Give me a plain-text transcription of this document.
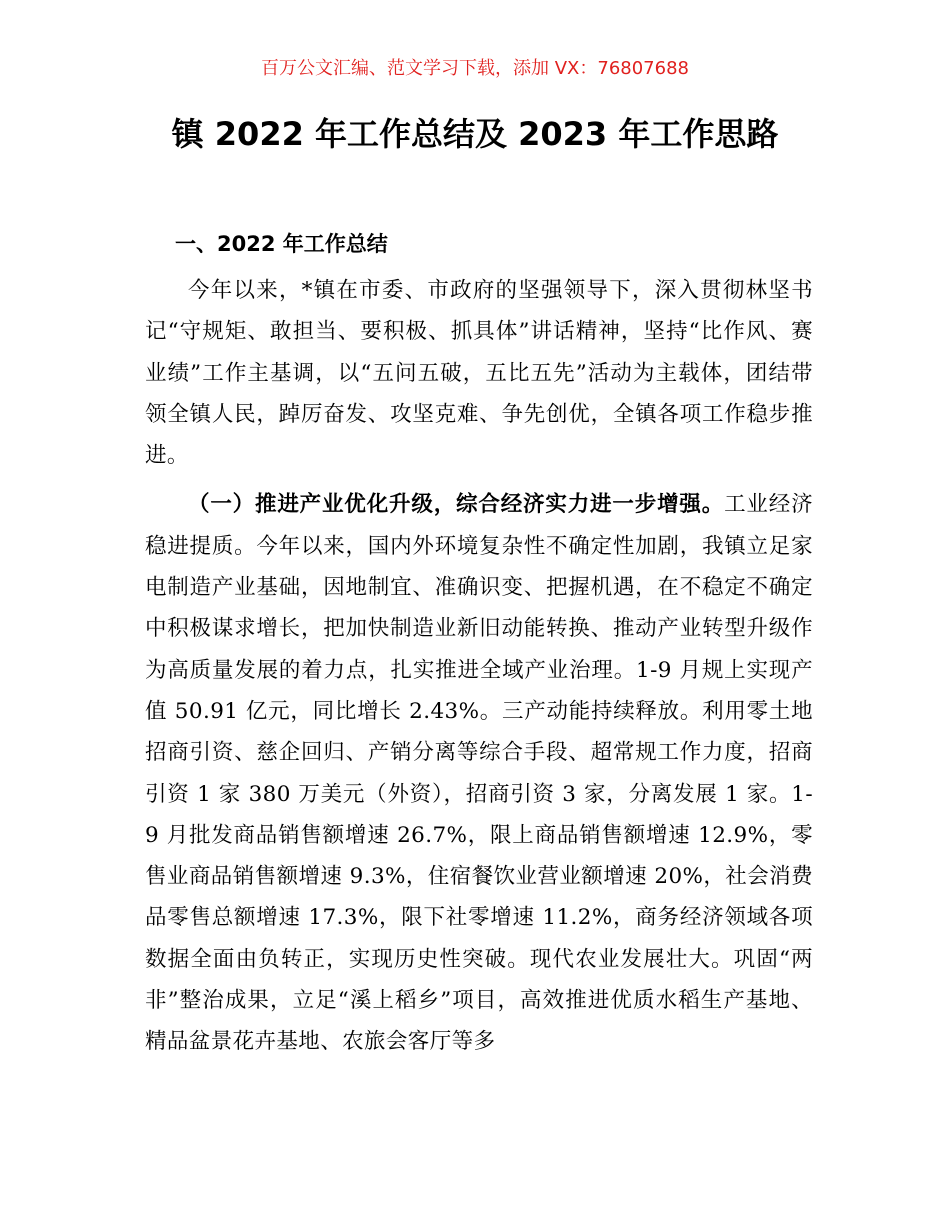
百万公文汇编、范文学习下载，添加 VX：76807688
镇 2022 年工作总结及 2023 年工作思路
一、2022 年工作总结

今年以来，*镇在市委、市政府的坚强领导下，深入贯彻林坚书记“守规矩、敢担当、要积极、抓具体”讲话精神，坚持“比作风、赛业绩”工作主基调，以“五问五破，五比五先”活动为主载体，团结带领全镇人民，踔厉奋发、攻坚克难、争先创优，全镇各项工作稳步推进。

（一）推进产业优化升级，综合经济实力进一步增强。工业经济稳进提质。今年以来，国内外环境复杂性不确定性加剧，我镇立足家电制造产业基础，因地制宜、准确识变、把握机遇，在不稳定不确定中积极谋求增长，把加快制造业新旧动能转换、推动产业转型升级作为高质量发展的着力点，扎实推进全域产业治理。1-9 月规上实现产值 50.91 亿元，同比增长 2.43%。三产动能持续释放。利用零土地招商引资、慈企回归、产销分离等综合手段、超常规工作力度，招商引资 1 家 380 万美元（外资），招商引资 3 家，分离发展 1 家。1-9 月批发商品销售额增速 26.7%，限上商品销售额增速 12.9%，零售业商品销售额增速 9.3%，住宿餐饮业营业额增速 20%，社会消费品零售总额增速 17.3%，限下社零增速 11.2%，商务经济领域各项数据全面由负转正，实现历史性突破。现代农业发展壮大。巩固“两非”整治成果，立足“溪上稻乡”项目，高效推进优质水稻生产基地、精品盆景花卉基地、农旅会客厅等多
